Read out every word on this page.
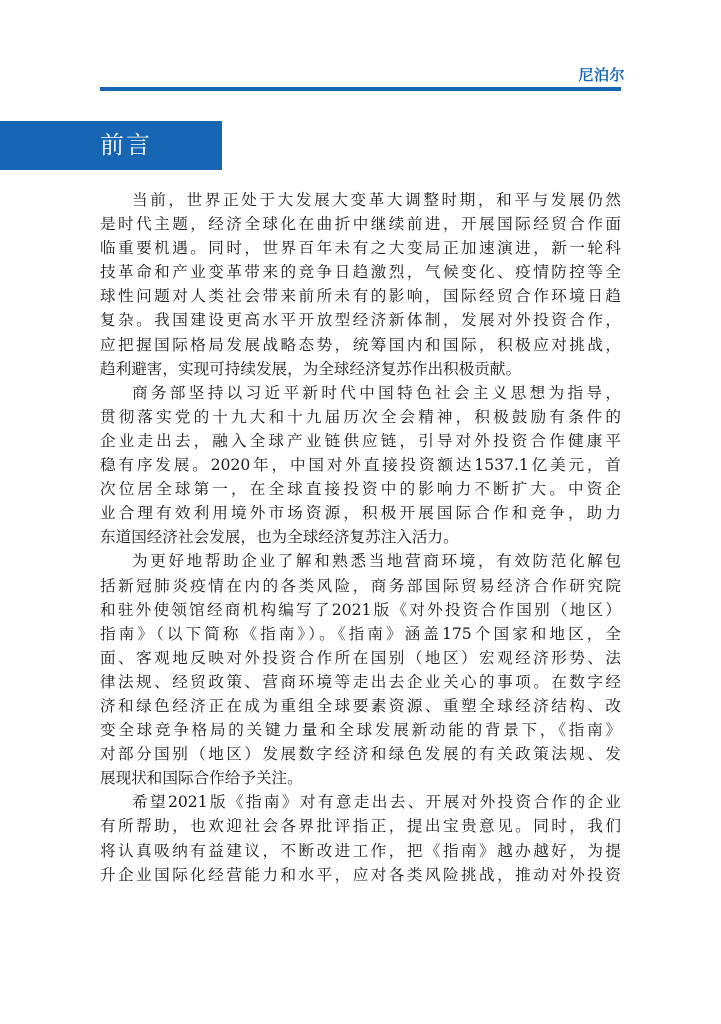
尼泊尔
前言
当前，世界正处于大发展大变革大调整时期，和平与发展仍然
是时代主题，经济全球化在曲折中继续前进，开展国际经贸合作面
临重要机遇。同时，世界百年未有之大变局正加速演进，新一轮科
技革命和产业变革带来的竞争日趋激烈，气候变化、疫情防控等全
球性问题对人类社会带来前所未有的影响，国际经贸合作环境日趋
复杂。我国建设更高水平开放型经济新体制，发展对外投资合作，
应把握国际格局发展战略态势，统筹国内和国际，积极应对挑战，
趋利避害，实现可持续发展，为全球经济复苏作出积极贡献。
商务部坚持以习近平新时代中国特色社会主义思想为指导，
贯彻落实党的十九大和十九届历次全会精神，积极鼓励有条件的
企业走出去，融入全球产业链供应链，引导对外投资合作健康平
稳有序发展。2020年，中国对外直接投资额达1537.1亿美元，首
次位居全球第一，在全球直接投资中的影响力不断扩大。中资企
业合理有效利用境外市场资源，积极开展国际合作和竞争，助力
东道国经济社会发展，也为全球经济复苏注入活力。
为更好地帮助企业了解和熟悉当地营商环境，有效防范化解包
括新冠肺炎疫情在内的各类风险，商务部国际贸易经济合作研究院
和驻外使领馆经商机构编写了2021版《对外投资合作国别（地区）
指南》（以下简称《指南》）。《指南》涵盖175个国家和地区，全
面、客观地反映对外投资合作所在国别（地区）宏观经济形势、法
律法规、经贸政策、营商环境等走出去企业关心的事项。在数字经
济和绿色经济正在成为重组全球要素资源、重塑全球经济结构、改
变全球竞争格局的关键力量和全球发展新动能的背景下，《指南》
对部分国别（地区）发展数字经济和绿色发展的有关政策法规、发
展现状和国际合作给予关注。
希望2021版《指南》对有意走出去、开展对外投资合作的企业
有所帮助，也欢迎社会各界批评指正，提出宝贵意见。同时，我们
将认真吸纳有益建议，不断改进工作，把《指南》越办越好，为提
升企业国际化经营能力和水平，应对各类风险挑战，推动对外投资
